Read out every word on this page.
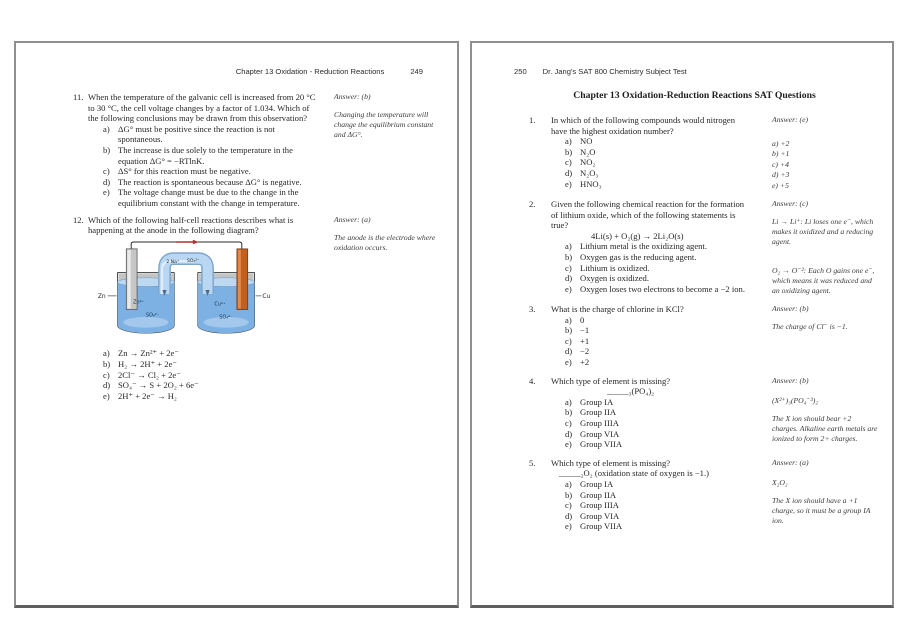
Chapter 13 Oxidation - Reduction Reactions	249
11. When the temperature of the galvanic cell is increased from 20 °C to 30 °C, the cell voltage changes by a factor of 1.034. Which of the following conclusions may be drawn from this observation?
a) ΔG° must be positive since the reaction is not spontaneous.
b) The increase is due solely to the temperature in the equation ΔG° = −RTlnK.
c) ΔS° for this reaction must be negative.
d) The reaction is spontaneous because ΔG° is negative.
e) The voltage change must be due to the change in the equilibrium constant with the change in temperature.
Answer: (b)
Changing the temperature will change the equilibrium constant and ΔG°.
12. Which of the following half-cell reactions describes what is happening at the anode in the following diagram?
2 Na⁺ SO₄²⁻
Zn²⁺
SO₄²⁻
Cu²⁺
SO₄²⁻
Zn	Cu
a) Zn → Zn²⁺ + 2e⁻
b) H₂ → 2H⁺ + 2e⁻
c) 2Cl⁻ → Cl₂ + 2e⁻
d) SO₄⁻ → S + 2O₂ + 6e⁻
e) 2H⁺ + 2e⁻ → H₂
Answer: (a)
The anode is the electrode where oxidation occurs.
250 Dr. Jang's SAT 800 Chemistry Subject Test
Chapter 13 Oxidation-Reduction Reactions SAT Questions
1.	In which of the following compounds would nitrogen have the highest oxidation number?
a) NO
b) N₂O
c) NO₂
d) N₂O₃
e) HNO₃
Answer: (e)
a) +2
b) +1
c) +4
d) +3
e) +5
2.	Given the following chemical reaction for the formation of lithium oxide, which of the following statements is true?
4Li(s) + O₂(g) → 2Li₂O(s)
a) Lithium metal is the oxidizing agent.
b) Oxygen gas is the reducing agent.
c) Lithium is oxidized.
d) Oxygen is oxidized.
e) Oxygen loses two electrons to become a −2 ion.
Answer: (c)
Li → Li⁺: Li loses one e⁻, which makes it oxidized and a reducing agent.
O₂ → O⁻²: Each O gains one e⁻, which means it was reduced and an oxidizing agent.
3.	What is the charge of chlorine in KCl?
a) 0
b) −1
c) +1
d) −2
e) +2
Answer: (b)
The charge of Cl⁻ is −1.
4.	Which type of element is missing?
_____₃(PO₄)₂
a) Group IA
b) Group IIA
c) Group IIIA
d) Group VIA
e) Group VIIA
Answer: (b)
(X²⁺)₃(PO₄⁻³)₂
The X ion should bear +2 charges. Alkaline earth metals are ionized to form 2+ charges.
5.	Which type of element is missing?
_____₂O₂ (oxidation state of oxygen is −1.)
a) Group IA
b) Group IIA
c) Group IIIA
d) Group VIA
e) Group VIIA
Answer: (a)
X₂O₂
The X ion should have a +1 charge, so it must be a group IA ion.
